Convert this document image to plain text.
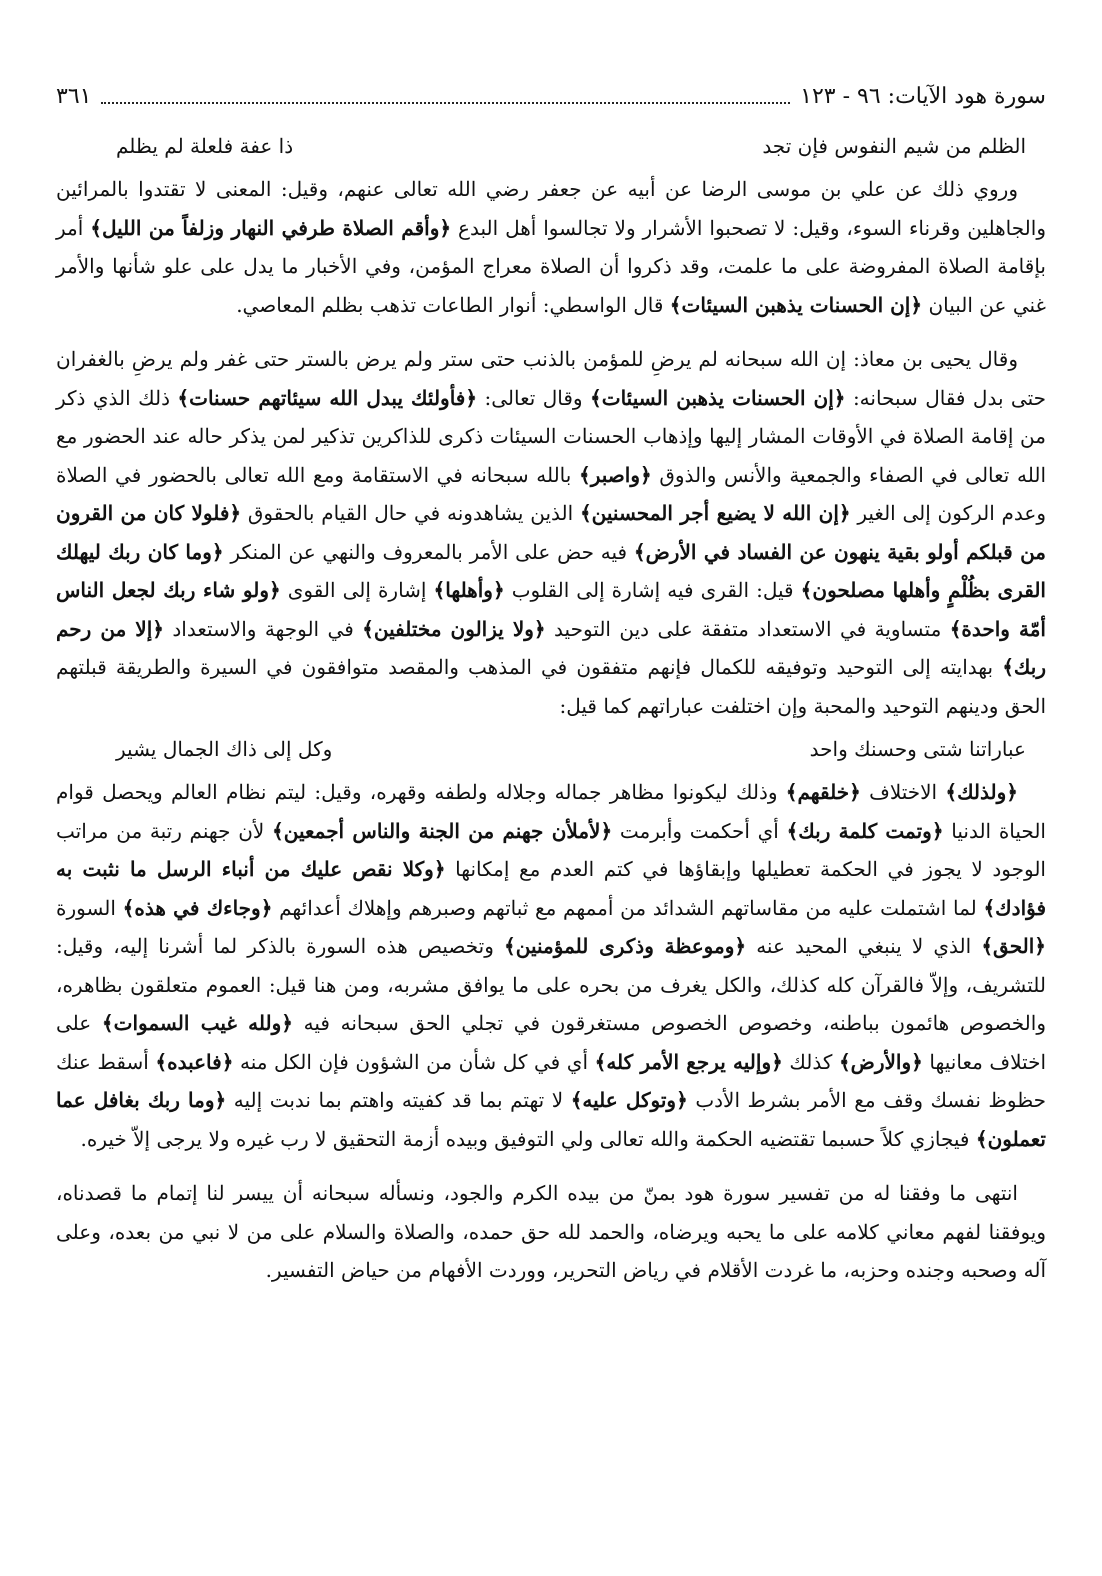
سورة هود الآيات: ٩٦ - ١٢٣
٣٦١
الظلم من شيم النفوس فإن تجد
ذا عفة فلعلة لم يظلم

وروي ذلك عن علي بن موسى الرضا عن أبيه عن جعفر رضي الله تعالى عنهم، وقيل: المعنى لا تقتدوا بالمرائين والجاهلين وقرناء السوء، وقيل: لا تصحبوا الأشرار ولا تجالسوا أهل البدع ﴿وأقم الصلاة طرفي النهار وزلفاً من الليل﴾ أمر بإقامة الصلاة المفروضة على ما علمت، وقد ذكروا أن الصلاة معراج المؤمن، وفي الأخبار ما يدل على علو شأنها والأمر غني عن البيان ﴿إن الحسنات يذهبن السيئات﴾ قال الواسطي: أنوار الطاعات تذهب بظلم المعاصي.

وقال يحيى بن معاذ: إن الله سبحانه لم يرضِ للمؤمن بالذنب حتى ستر ولم يرض بالستر حتى غفر ولم يرضِ بالغفران حتى بدل فقال سبحانه: ﴿إن الحسنات يذهبن السيئات﴾ وقال تعالى: ﴿فأولئك يبدل الله سيئاتهم حسنات﴾ ذلك الذي ذكر من إقامة الصلاة في الأوقات المشار إليها وإذهاب الحسنات السيئات ذكرى للذاكرين تذكير لمن يذكر حاله عند الحضور مع الله تعالى في الصفاء والجمعية والأنس والذوق ﴿واصبر﴾ بالله سبحانه في الاستقامة ومع الله تعالى بالحضور في الصلاة وعدم الركون إلى الغير ﴿إن الله لا يضيع أجر المحسنين﴾ الذين يشاهدونه في حال القيام بالحقوق ﴿فلولا كان من القرون من قبلكم أولو بقية ينهون عن الفساد في الأرض﴾ فيه حض على الأمر بالمعروف والنهي عن المنكر ﴿وما كان ربك ليهلك القرى بظُلْمٍ وأهلها مصلحون﴾ قيل: القرى فيه إشارة إلى القلوب ﴿وأهلها﴾ إشارة إلى القوى ﴿ولو شاء ربك لجعل الناس أمّة واحدة﴾ متساوية في الاستعداد متفقة على دين التوحيد ﴿ولا يزالون مختلفين﴾ في الوجهة والاستعداد ﴿إلا من رحم ربك﴾ بهدايته إلى التوحيد وتوفيقه للكمال فإنهم متفقون في المذهب والمقصد متوافقون في السيرة والطريقة قبلتهم الحق ودينهم التوحيد والمحبة وإن اختلفت عباراتهم كما قيل:

عباراتنا شتى وحسنك واحد
وكل إلى ذاك الجمال يشير

﴿ولذلك﴾ الاختلاف ﴿خلقهم﴾ وذلك ليكونوا مظاهر جماله وجلاله ولطفه وقهره، وقيل: ليتم نظام العالم ويحصل قوام الحياة الدنيا ﴿وتمت كلمة ربك﴾ أي أحكمت وأبرمت ﴿لأملأن جهنم من الجنة والناس أجمعين﴾ لأن جهنم رتبة من مراتب الوجود لا يجوز في الحكمة تعطيلها وإبقاؤها في كتم العدم مع إمكانها ﴿وكلا نقص عليك من أنباء الرسل ما نثبت به فؤادك﴾ لما اشتملت عليه من مقاساتهم الشدائد من أممهم مع ثباتهم وصبرهم وإهلاك أعدائهم ﴿وجاءك في هذه﴾ السورة ﴿الحق﴾ الذي لا ينبغي المحيد عنه ﴿وموعظة وذكرى للمؤمنين﴾ وتخصيص هذه السورة بالذكر لما أشرنا إليه، وقيل: للتشريف، وإلاّ فالقرآن كله كذلك، والكل يغرف من بحره على ما يوافق مشربه، ومن هنا قيل: العموم متعلقون بظاهره، والخصوص هائمون بباطنه، وخصوص الخصوص مستغرقون في تجلي الحق سبحانه فيه ﴿ولله غيب السموات﴾ على اختلاف معانيها ﴿والأرض﴾ كذلك ﴿وإليه يرجع الأمر كله﴾ أي في كل شأن من الشؤون فإن الكل منه ﴿فاعبده﴾ أسقط عنك حظوظ نفسك وقف مع الأمر بشرط الأدب ﴿وتوكل عليه﴾ لا تهتم بما قد كفيته واهتم بما ندبت إليه ﴿وما ربك بغافل عما تعملون﴾ فيجازي كلاً حسبما تقتضيه الحكمة والله تعالى ولي التوفيق وبيده أزمة التحقيق لا رب غيره ولا يرجى إلاّ خيره.

انتهى ما وفقنا له من تفسير سورة هود بمنّ من بيده الكرم والجود، ونسأله سبحانه أن ييسر لنا إتمام ما قصدناه، ويوفقنا لفهم معاني كلامه على ما يحبه ويرضاه، والحمد لله حق حمده، والصلاة والسلام على من لا نبي من بعده، وعلى آله وصحبه وجنده وحزبه، ما غردت الأقلام في رياض التحرير، ووردت الأفهام من حياض التفسير.
